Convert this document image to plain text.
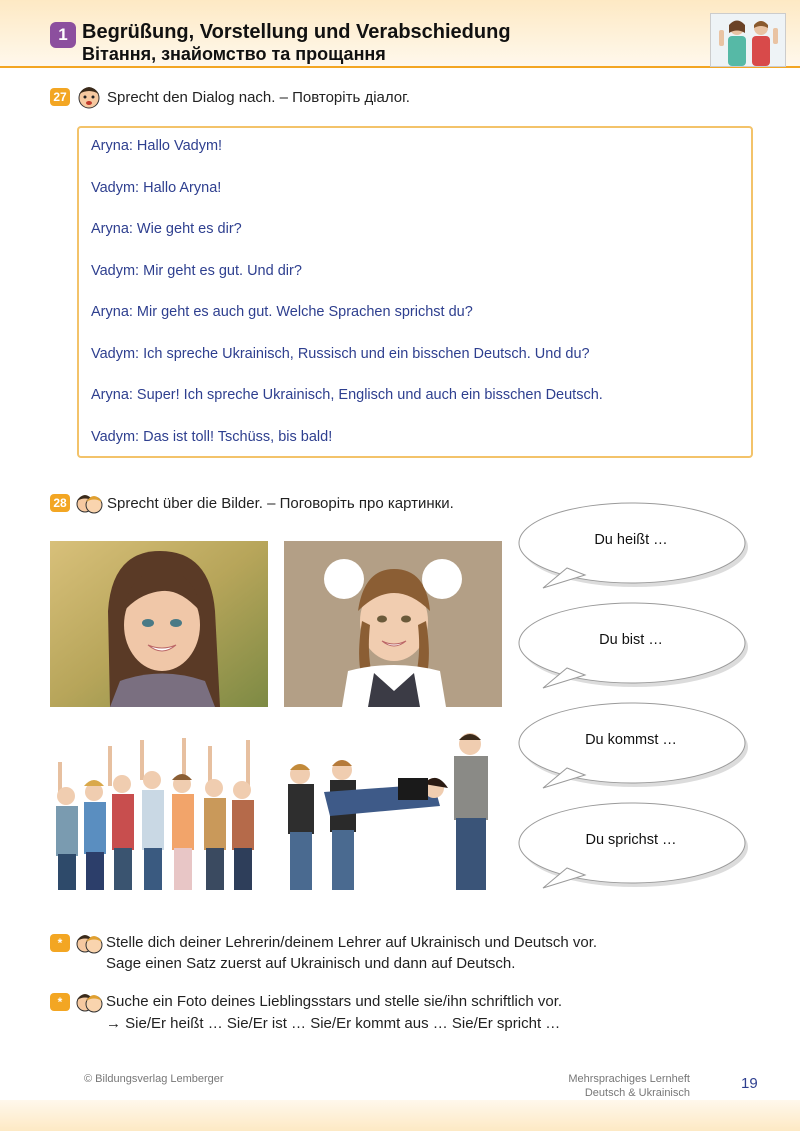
1 Begrüßung, Vorstellung und Verabschiedung
Вітання, знайомство та прощання
27	Sprecht den Dialog nach. – Повторіть діалог.
Aryna: Hallo Vadym!
Vadym: Hallo Aryna!
Aryna: Wie geht es dir?
Vadym: Mir geht es gut. Und dir?
Aryna: Mir geht es auch gut. Welche Sprachen sprichst du?
Vadym: Ich spreche Ukrainisch, Russisch und ein bisschen Deutsch. Und du?
Aryna: Super! Ich spreche Ukrainisch, Englisch und auch ein bisschen Deutsch.
Vadym: Das ist toll! Tschüss, bis bald!
28	Sprecht über die Bilder. – Поговоріть про картинки.
Du heißt …
Du bist …
Du kommst …
Du sprichst …
*	Stelle dich deiner Lehrerin/deinem Lehrer auf Ukrainisch und Deutsch vor.
Sage einen Satz zuerst auf Ukrainisch und dann auf Deutsch.
*	Suche ein Foto deines Lieblingsstars und stelle sie/ihn schriftlich vor.
→ Sie/Er heißt … Sie/Er ist … Sie/Er kommt aus … Sie/Er spricht …
© Bildungsverlag Lemberger	Mehrsprachiges Lernheft
Deutsch & Ukrainisch
19
